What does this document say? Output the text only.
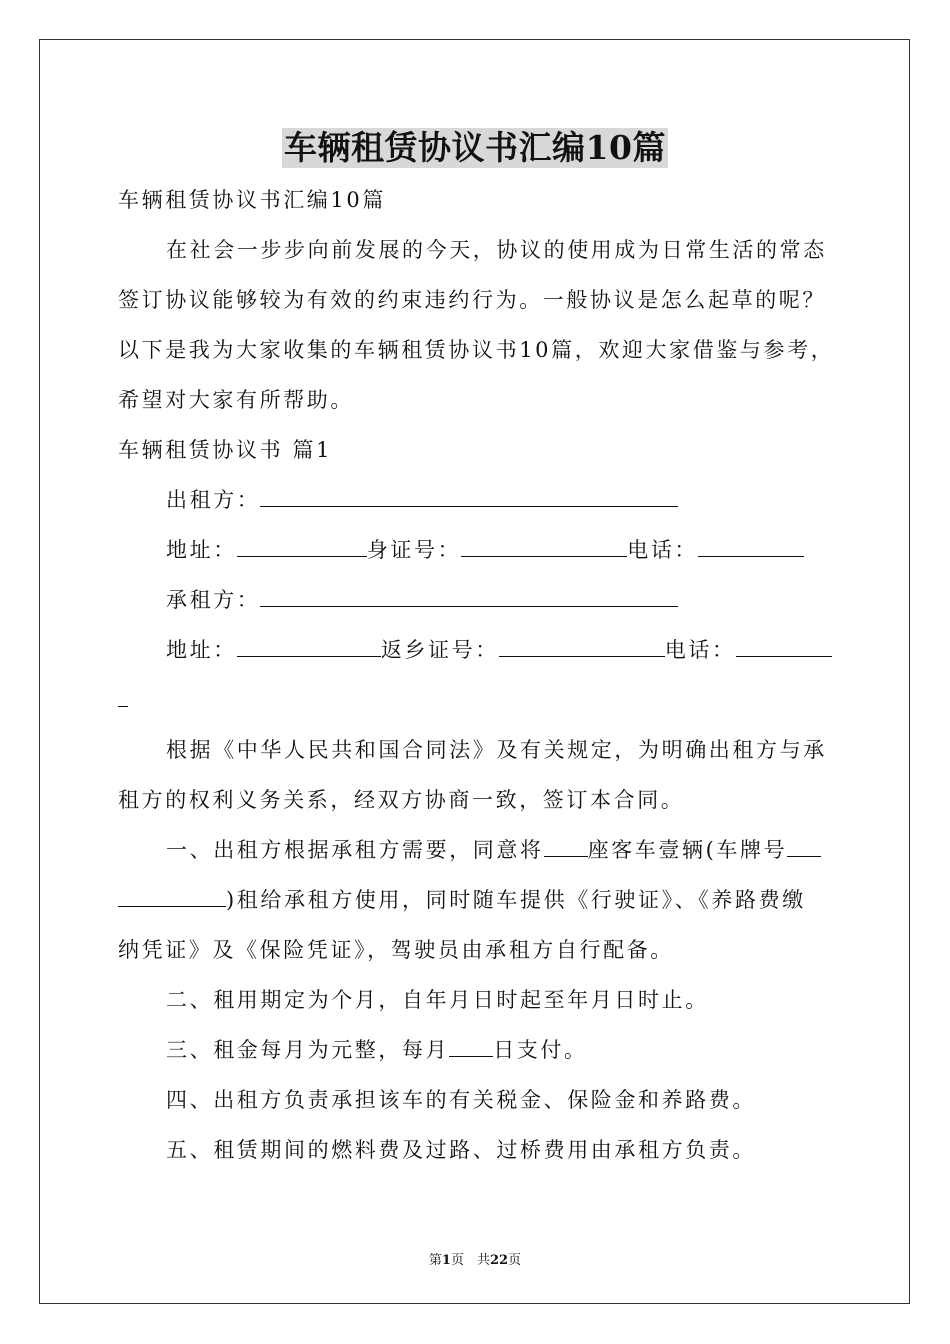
车辆租赁协议书汇编10篇
车辆租赁协议书汇编10篇
在社会一步步向前发展的今天，协议的使用成为日常生活的常态
签订协议能够较为有效的约束违约行为。一般协议是怎么起草的呢？
以下是我为大家收集的车辆租赁协议书10篇，欢迎大家借鉴与参考，
希望对大家有所帮助。
车辆租赁协议书 篇1
出租方：
地址：	身证号：	电话：
承租方：
地址：	返乡证号：	电话：
根据《中华人民共和国合同法》及有关规定，为明确出租方与承
租方的权利义务关系，经双方协商一致，签订本合同。
一、出租方根据承租方需要，同意将 座客车壹辆(车牌号
)租给承租方使用，同时随车提供《行驶证》、《养路费缴
纳凭证》及《保险凭证》，驾驶员由承租方自行配备。
二、租用期定为个月，自年月日时起至年月日时止。
三、租金每月为元整，每月 日支付。
四、出租方负责承担该车的有关税金、保险金和养路费。
五、租赁期间的燃料费及过路、过桥费用由承租方负责。
第1页　共22页
